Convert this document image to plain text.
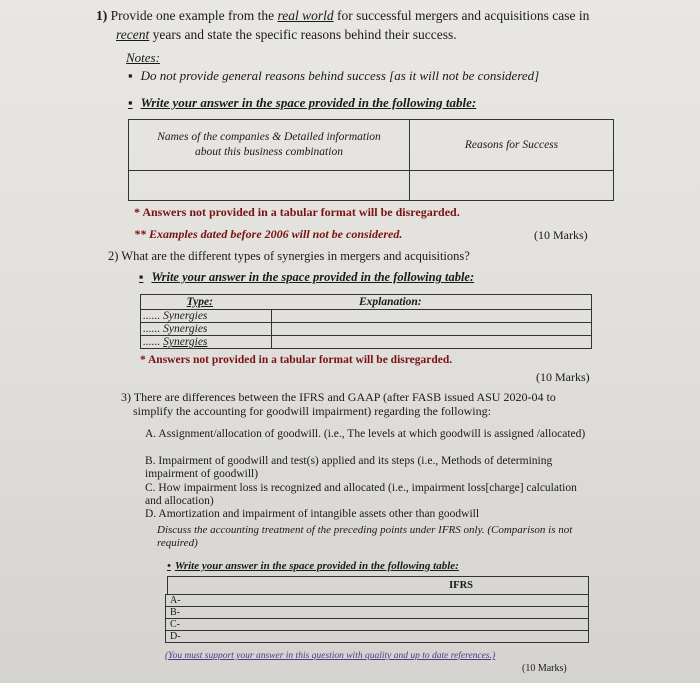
1) Provide one example from the real world for successful mergers and acquisitions case in
recent years and state the specific reasons behind their success.
Notes:
▪ Do not provide general reasons behind success [as it will not be considered]
▪ Write your answer in the space provided in the following table:
Names of the companies & Detailed information about this business combination	Reasons for Success

* Answers not provided in a tabular format will be disregarded.
** Examples dated before 2006 will not be considered.	(10 Marks)
2) What are the different types of synergies in mergers and acquisitions?
▪ Write your answer in the space provided in the following table:
Type:	Explanation:
...... Synergies	
...... Synergies	
...... Synergies	
* Answers not provided in a tabular format will be disregarded.
(10 Marks)
3) There are differences between the IFRS and GAAP (after FASB issued ASU 2020-04 to
simplify the accounting for goodwill impairment) regarding the following:
A. Assignment/allocation of goodwill. (i.e., The levels at which goodwill is assigned /allocated)
B. Impairment of goodwill and test(s) applied and its steps (i.e., Methods of determining impairment of goodwill)
C. How impairment loss is recognized and allocated (i.e., impairment loss[charge] calculation and allocation)
D. Amortization and impairment of intangible assets other than goodwill
Discuss the accounting treatment of the preceding points under IFRS only. (Comparison is not required)
• Write your answer in the space provided in the following table:
	IFRS
A-
B-
C-
D-
(You must support your answer in this question with quality and up to date references.)
(10 Marks)
